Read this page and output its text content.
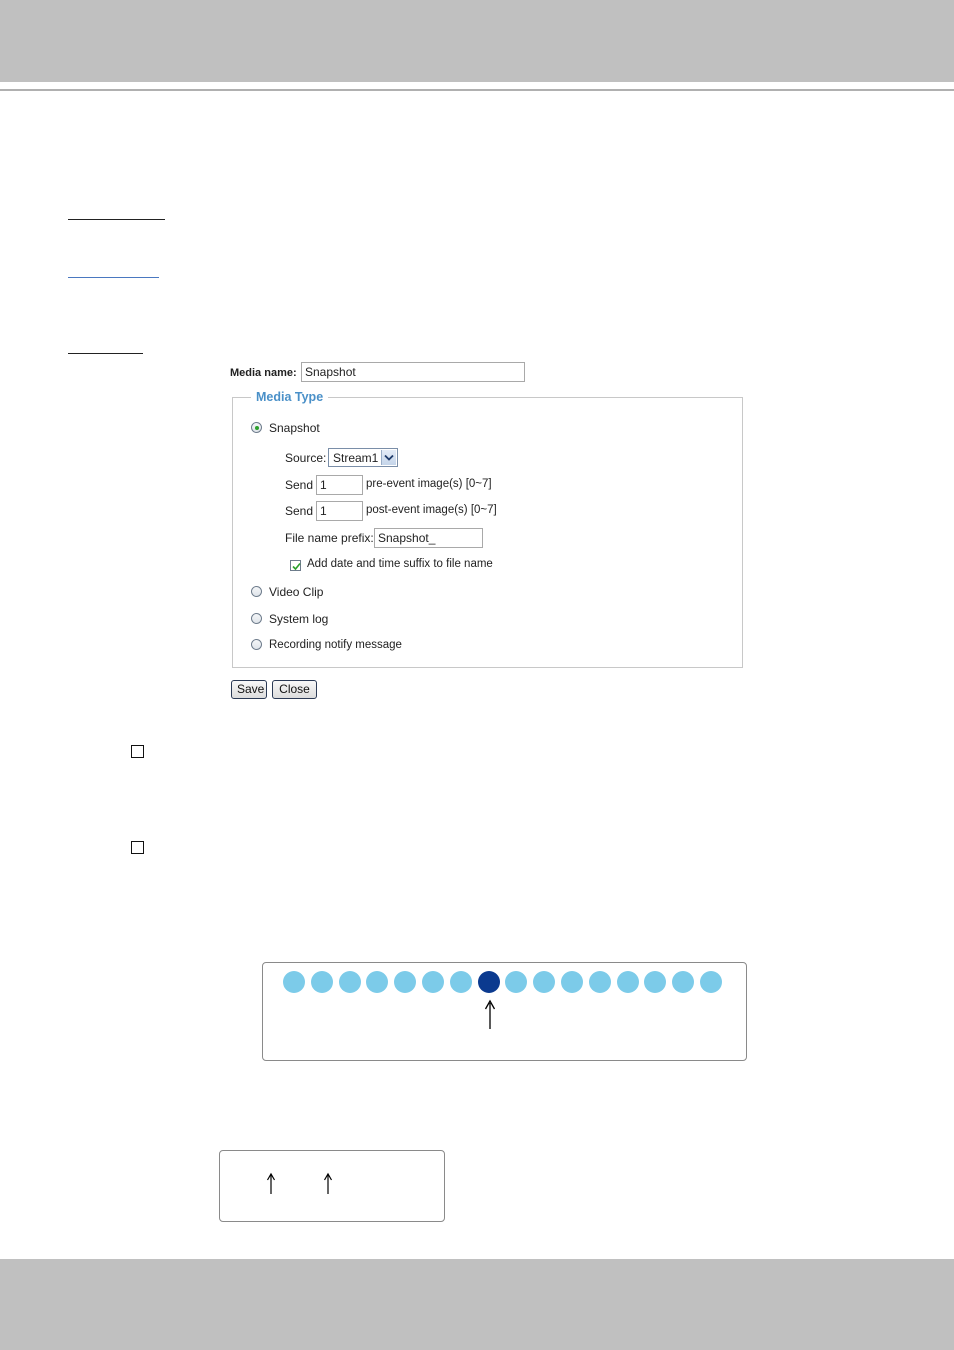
Media name: Snapshot
Media Type
Snapshot
Source: Stream1
Send 1	pre-event image(s) [0~7]
Send 1	post-event image(s) [0~7]
File name prefix: Snapshot_
Add date and time suffix to file name
Video Clip
System log
Recording notify message
Save	Close
